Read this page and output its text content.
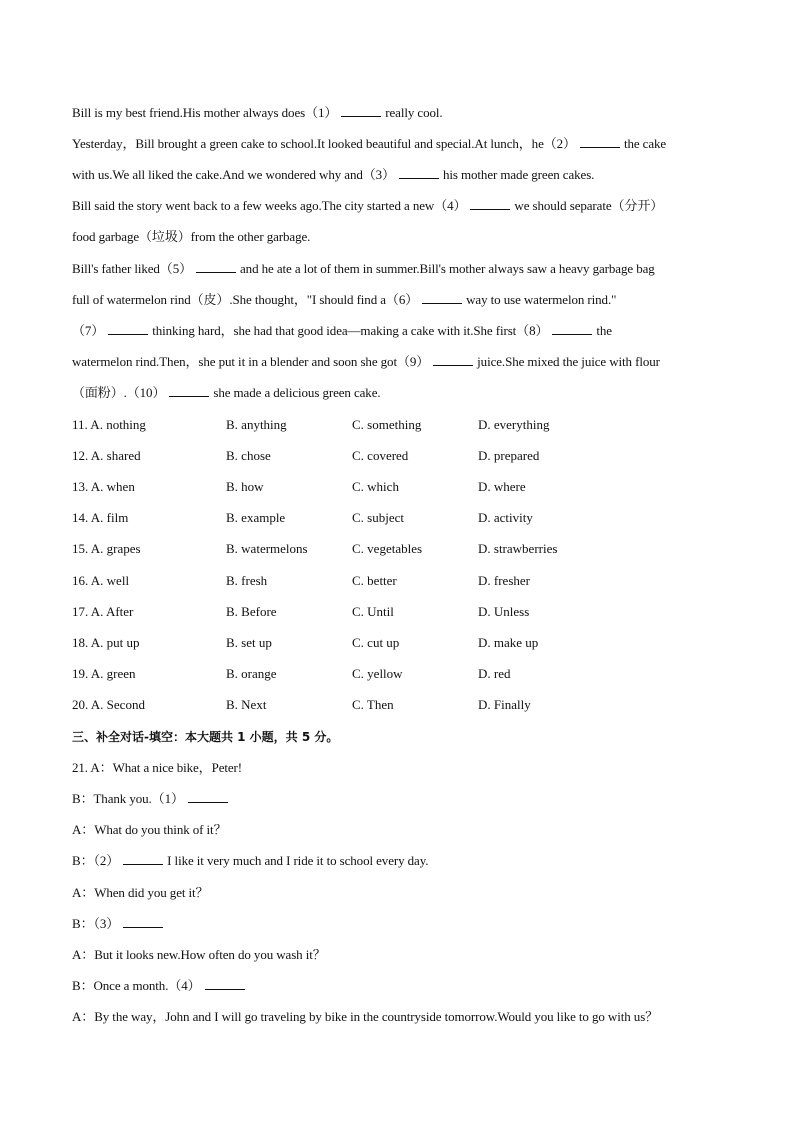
Bill is my best friend.His mother always does（1）	really cool.
Yesterday，Bill brought a green cake to school.It looked beautiful and special.At lunch，he（2）	the cake
with us.We all liked the cake.And we wondered why and（3）	his mother made green cakes.
Bill said the story went back to a few weeks ago.The city started a new（4）	we should separate（分开）
food garbage（垃圾）from the other garbage.
Bill's father liked（5）	and he ate a lot of them in summer.Bill's mother always saw a heavy garbage bag
full of watermelon rind（皮）.She thought，"I should find a（6）	way to use watermelon rind."
（7）	thinking hard，she had that good idea—making a cake with it.She first（8）	the
watermelon rind.Then，she put it in a blender and soon she got（9）	juice.She mixed the juice with flour
（面粉）.（10）	she made a delicious green cake.
11. A. nothing	B. anything	C. something	D. everything
12. A. shared	B. chose	C. covered	D. prepared
13. A. when	B. how	C. which	D. where
14. A. film	B. example	C. subject	D. activity
15. A. grapes	B. watermelons	C. vegetables	D. strawberries
16. A. well	B. fresh	C. better	D. fresher
17. A. After	B. Before	C. Until	D. Unless
18. A. put up	B. set up	C. cut up	D. make up
19. A. green	B. orange	C. yellow	D. red
20. A. Second	B. Next	C. Then	D. Finally
三、补全对话-填空：本大题共 1 小题，共 5 分。
21. A：What a nice bike，Peter!
B：Thank you.（1）
A：What do you think of it？
B：（2）	I like it very much and I ride it to school every day.
A：When did you get it？
B：（3）
A：But it looks new.How often do you wash it？
B：Once a month.（4）
A：By the way，John and I will go traveling by bike in the countryside tomorrow.Would you like to go with us？
